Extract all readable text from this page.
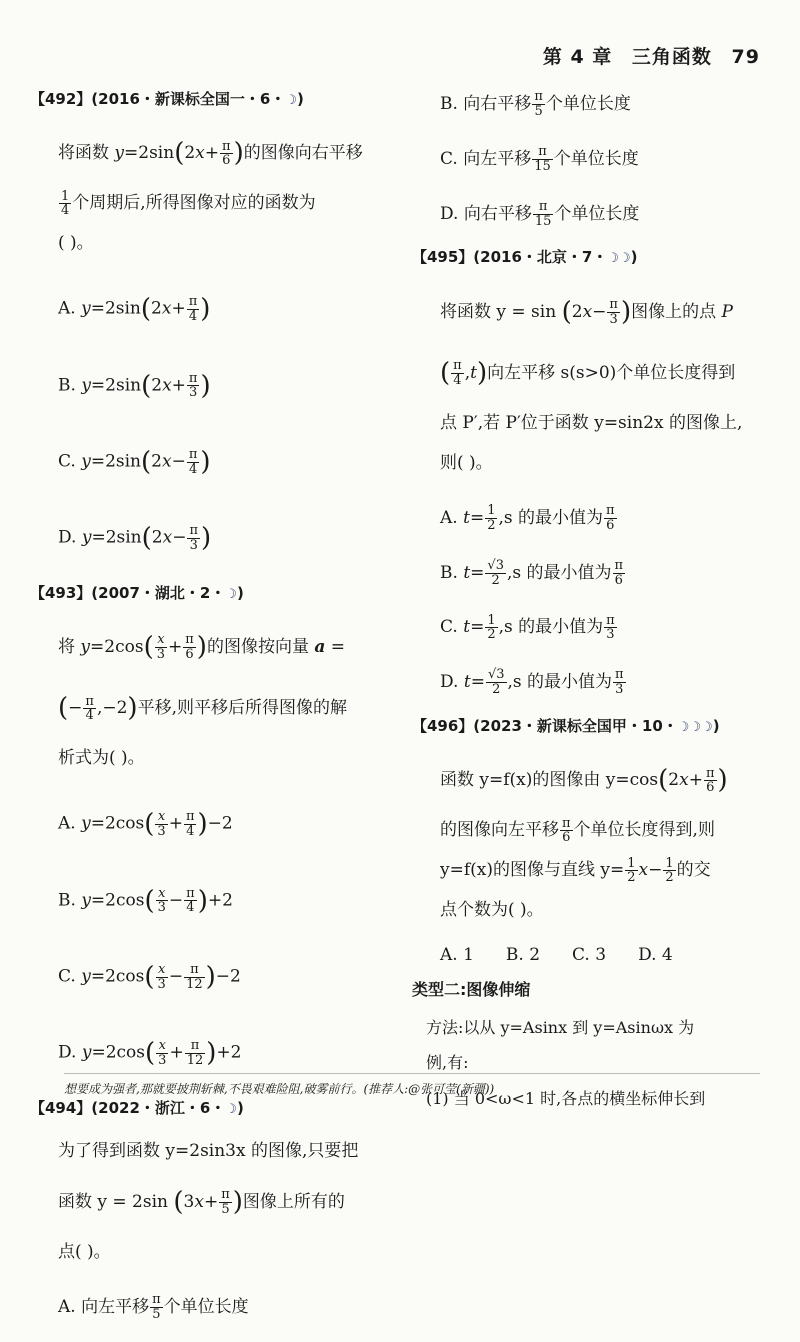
第 4 章 三角函数 79
【492】(2016・新课标全国一・6・☽)
将函数 $y=2\sin(2x+ \frac{\pi}{6}$ )的图像向右平移

$\frac{1}{4}$ 个周期后,所得图像对应的函数为
( )。
A. $y=2\sin(2x+ \frac{\pi}{4}$ )
B. $y=2\sin(2x+ \frac{\pi}{3}$ )
C. $y=2\sin(2x- \frac{\pi}{4}$ )
D. $y=2\sin(2x- \frac{\pi}{3}$ )
【493】(2007・湖北・2・☽)
将 $y=2\cos( \frac{x}{3} + \frac{\pi}{6}$ )的图像按向量 a =
(− $\frac{\pi}{4} ,-2$)平移,则平移后所得图像的解
析式为( )。
A. $y=2\cos( \frac{x}{3} + \frac{\pi}{4} )-2$
B. $y=2\cos( \frac{x}{3} - \frac{\pi}{4} )+2$
C. $y=2\cos( \frac{x}{3} - \frac{\pi}{12} )-2$
D. $y=2\cos( \frac{x}{3} + \frac{\pi}{12} )+2$
【494】(2022・浙江・6・☽)
为了得到函数 y=2sin3x 的图像,只要把
函数 y = 2sin ($3x+ \frac{\pi}{5}$ )图像上所有的
点( )。
A. 向左平移 $\frac{\pi}{5}$ 个单位长度
B. 向右平移 $\frac{\pi}{5}$ 个单位长度
C. 向左平移 $\frac{\pi}{15}$ 个单位长度
D. 向右平移 $\frac{\pi}{15}$ 个单位长度
【495】(2016・北京・7・☽☽)
将函数 $y = \sin (2x- \frac{\pi}{3}$ )图像上的点 P
( $\frac{\pi}{4} ,t$)向左平移 s(s>0)个单位长度得到
点 P′,若 P′位于函数 y=sin2x 的图像上,
则( )。
A. $t= \frac{1}{2} ,s$ 的最小值为 $\frac{\pi}{6}$
B. $t= \frac{√3}{2} ,s$ 的最小值为 $\frac{\pi}{6}$
C. $t= \frac{1}{2} ,s$ 的最小值为 $\frac{\pi}{3}$
D. $t= \frac{√3}{2} ,s$ 的最小值为 $\frac{\pi}{3}$
【496】(2023・新课标全国甲・10・☽☽☽)
函数 y=f(x)的图像由 $y=\cos(2x+ \frac{\pi}{6}$ )
的图像向左平移 $\frac{\pi}{6}$ 个单位长度得到,则
y=f(x)的图像与直线 $y= \frac{1}{2} x- \frac{1}{2}$ 的交
点个数为( )。
A. 1 B. 2 C. 3 D. 4
类型二:图像伸缩
方法:以从 y=Asinx 到 y=Asinωx 为
例,有:
(1) 当 0<ω<1 时,各点的横坐标伸长到
想要成为强者,那就要披荆斩棘,不畏艰难险阻,破雾前行。(推荐人:@张可莹(新疆))
